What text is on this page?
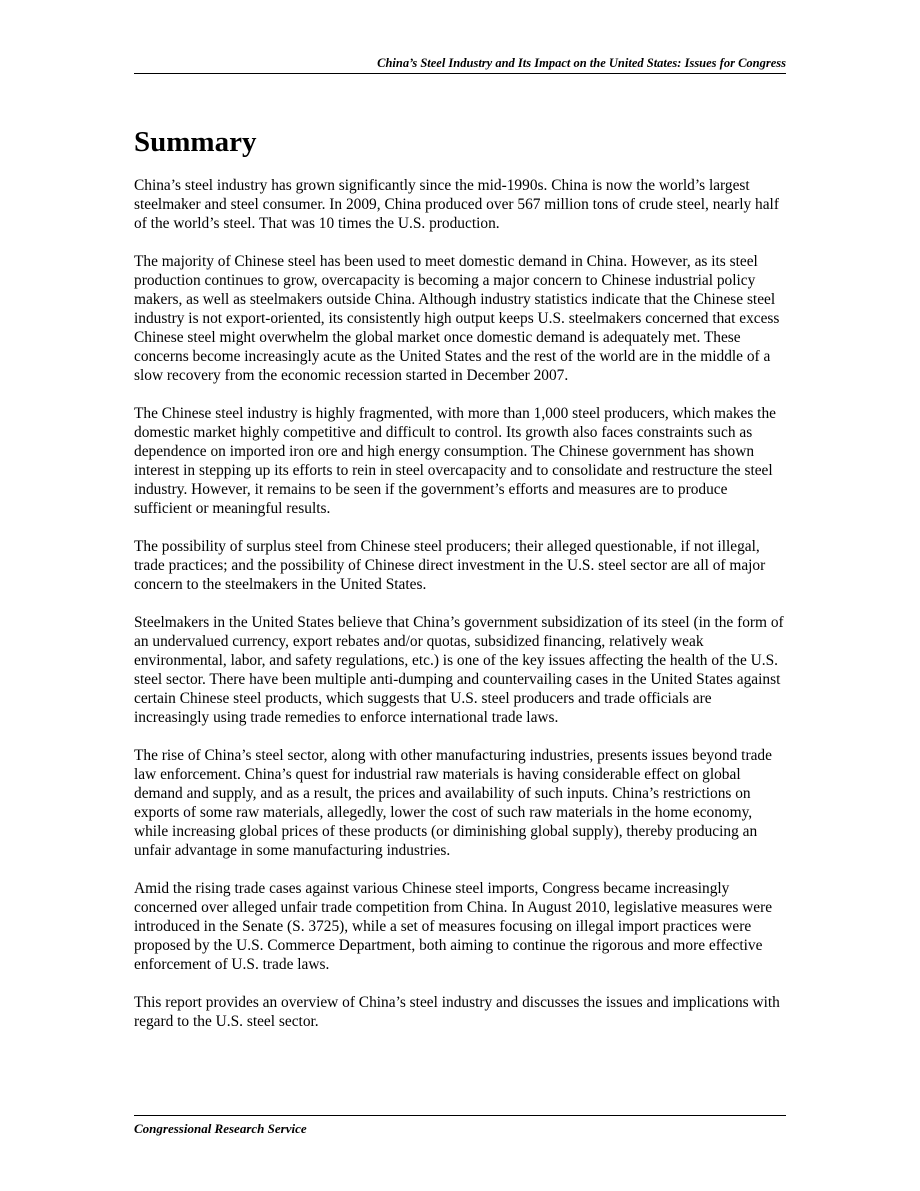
China’s Steel Industry and Its Impact on the United States: Issues for Congress
Summary

China’s steel industry has grown significantly since the mid-1990s. China is now the world’s largest steelmaker and steel consumer. In 2009, China produced over 567 million tons of crude steel, nearly half of the world’s steel. That was 10 times the U.S. production.

The majority of Chinese steel has been used to meet domestic demand in China. However, as its steel production continues to grow, overcapacity is becoming a major concern to Chinese industrial policy makers, as well as steelmakers outside China. Although industry statistics indicate that the Chinese steel industry is not export-oriented, its consistently high output keeps U.S. steelmakers concerned that excess Chinese steel might overwhelm the global market once domestic demand is adequately met. These concerns become increasingly acute as the United States and the rest of the world are in the middle of a slow recovery from the economic recession started in December 2007.

The Chinese steel industry is highly fragmented, with more than 1,000 steel producers, which makes the domestic market highly competitive and difficult to control. Its growth also faces constraints such as dependence on imported iron ore and high energy consumption. The Chinese government has shown interest in stepping up its efforts to rein in steel overcapacity and to consolidate and restructure the steel industry. However, it remains to be seen if the government’s efforts and measures are to produce sufficient or meaningful results.

The possibility of surplus steel from Chinese steel producers; their alleged questionable, if not illegal, trade practices; and the possibility of Chinese direct investment in the U.S. steel sector are all of major concern to the steelmakers in the United States.

Steelmakers in the United States believe that China’s government subsidization of its steel (in the form of an undervalued currency, export rebates and/or quotas, subsidized financing, relatively weak environmental, labor, and safety regulations, etc.) is one of the key issues affecting the health of the U.S. steel sector. There have been multiple anti-dumping and countervailing cases in the United States against certain Chinese steel products, which suggests that U.S. steel producers and trade officials are increasingly using trade remedies to enforce international trade laws.

The rise of China’s steel sector, along with other manufacturing industries, presents issues beyond trade law enforcement. China’s quest for industrial raw materials is having considerable effect on global demand and supply, and as a result, the prices and availability of such inputs. China’s restrictions on exports of some raw materials, allegedly, lower the cost of such raw materials in the home economy, while increasing global prices of these products (or diminishing global supply), thereby producing an unfair advantage in some manufacturing industries.

Amid the rising trade cases against various Chinese steel imports, Congress became increasingly concerned over alleged unfair trade competition from China. In August 2010, legislative measures were introduced in the Senate (S. 3725), while a set of measures focusing on illegal import practices were proposed by the U.S. Commerce Department, both aiming to continue the rigorous and more effective enforcement of U.S. trade laws.

This report provides an overview of China’s steel industry and discusses the issues and implications with regard to the U.S. steel sector.

Congressional Research Service
